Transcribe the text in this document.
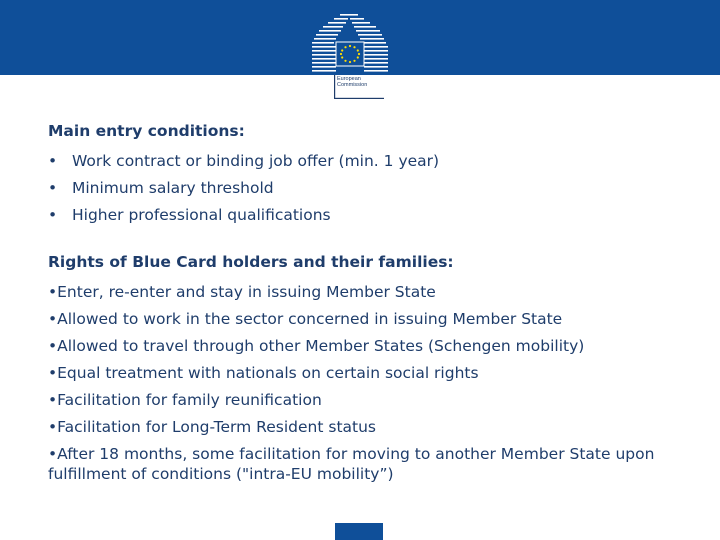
European
Commission
Main entry conditions:
• Work contract or binding job offer (min. 1 year)
• Minimum salary threshold
• Higher professional qualifications
Rights of Blue Card holders and their families:
•Enter, re-enter and stay in issuing Member State
•Allowed to work in the sector concerned in issuing Member State
•Allowed to travel through other Member States (Schengen mobility)
•Equal treatment with nationals on certain social rights
•Facilitation for family reunification
•Facilitation for Long-Term Resident status
•After 18 months, some facilitation for moving to another Member State upon fulfillment of conditions ("intra-EU mobility”)
